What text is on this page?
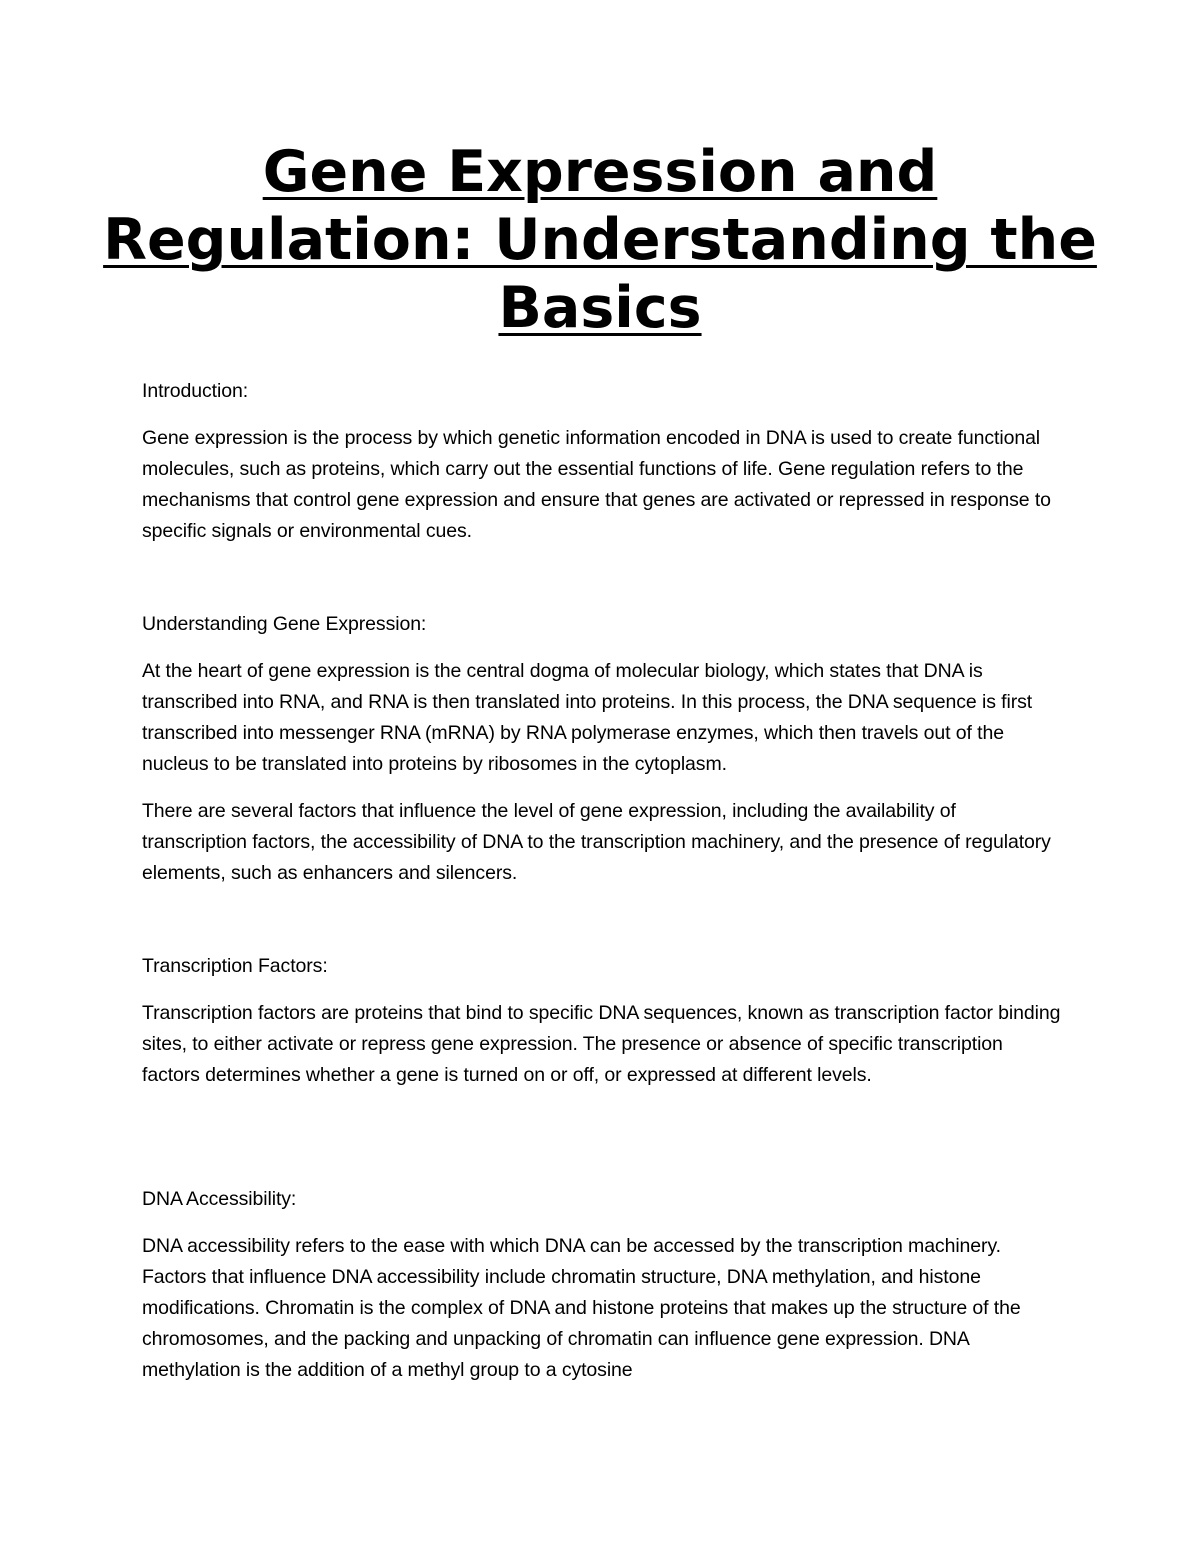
Gene Expression and Regulation: Understanding the Basics

Introduction:

Gene expression is the process by which genetic information encoded in DNA is used to create functional molecules, such as proteins, which carry out the essential functions of life. Gene regulation refers to the mechanisms that control gene expression and ensure that genes are activated or repressed in response to specific signals or environmental cues.

Understanding Gene Expression:

At the heart of gene expression is the central dogma of molecular biology, which states that DNA is transcribed into RNA, and RNA is then translated into proteins. In this process, the DNA sequence is first transcribed into messenger RNA (mRNA) by RNA polymerase enzymes, which then travels out of the nucleus to be translated into proteins by ribosomes in the cytoplasm.

There are several factors that influence the level of gene expression, including the availability of transcription factors, the accessibility of DNA to the transcription machinery, and the presence of regulatory elements, such as enhancers and silencers.

Transcription Factors:

Transcription factors are proteins that bind to specific DNA sequences, known as transcription factor binding sites, to either activate or repress gene expression. The presence or absence of specific transcription factors determines whether a gene is turned on or off, or expressed at different levels.

DNA Accessibility:

DNA accessibility refers to the ease with which DNA can be accessed by the transcription machinery. Factors that influence DNA accessibility include chromatin structure, DNA methylation, and histone modifications. Chromatin is the complex of DNA and histone proteins that makes up the structure of the chromosomes, and the packing and unpacking of chromatin can influence gene expression. DNA methylation is the addition of a methyl group to a cytosine
